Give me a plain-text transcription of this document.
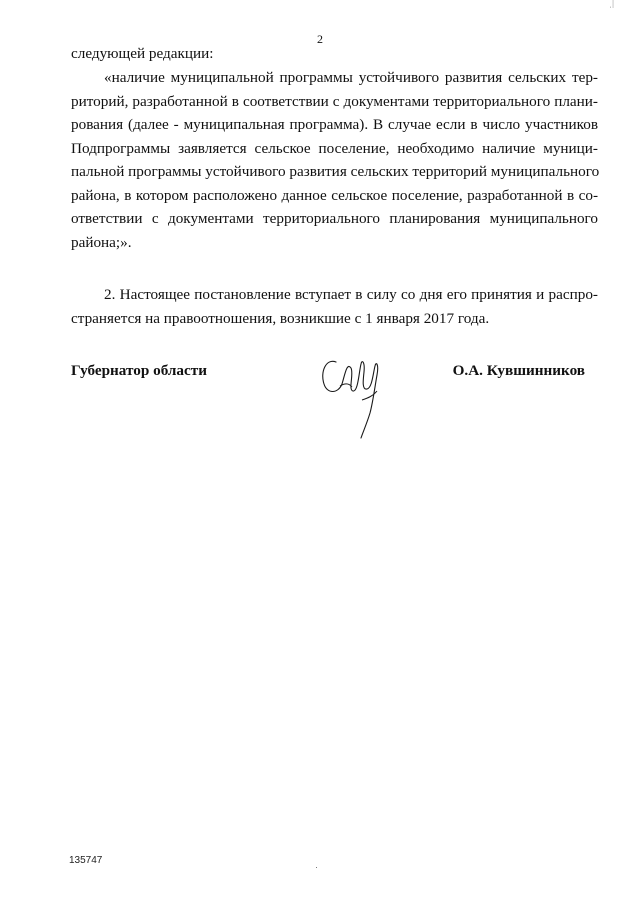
2
ˌ|
следующей редакции:
«наличие муниципальной программы устойчивого развития сельских тер-
риторий, разработанной в соответствии с документами территориального плани-
рования (далее - муниципальная программа). В случае если в число участников
Подпрограммы заявляется сельское поселение, необходимо наличие муници-
пальной программы устойчивого развития сельских территорий муниципального
района, в котором расположено данное сельское поселение, разработанной в со-
ответствии с документами территориального планирования муниципального
района;».
2. Настоящее постановление вступает в силу со дня его принятия и распро-
страняется на правоотношения, возникшие с 1 января 2017 года.
Губернатор области	О.А. Кувшинников
135747
